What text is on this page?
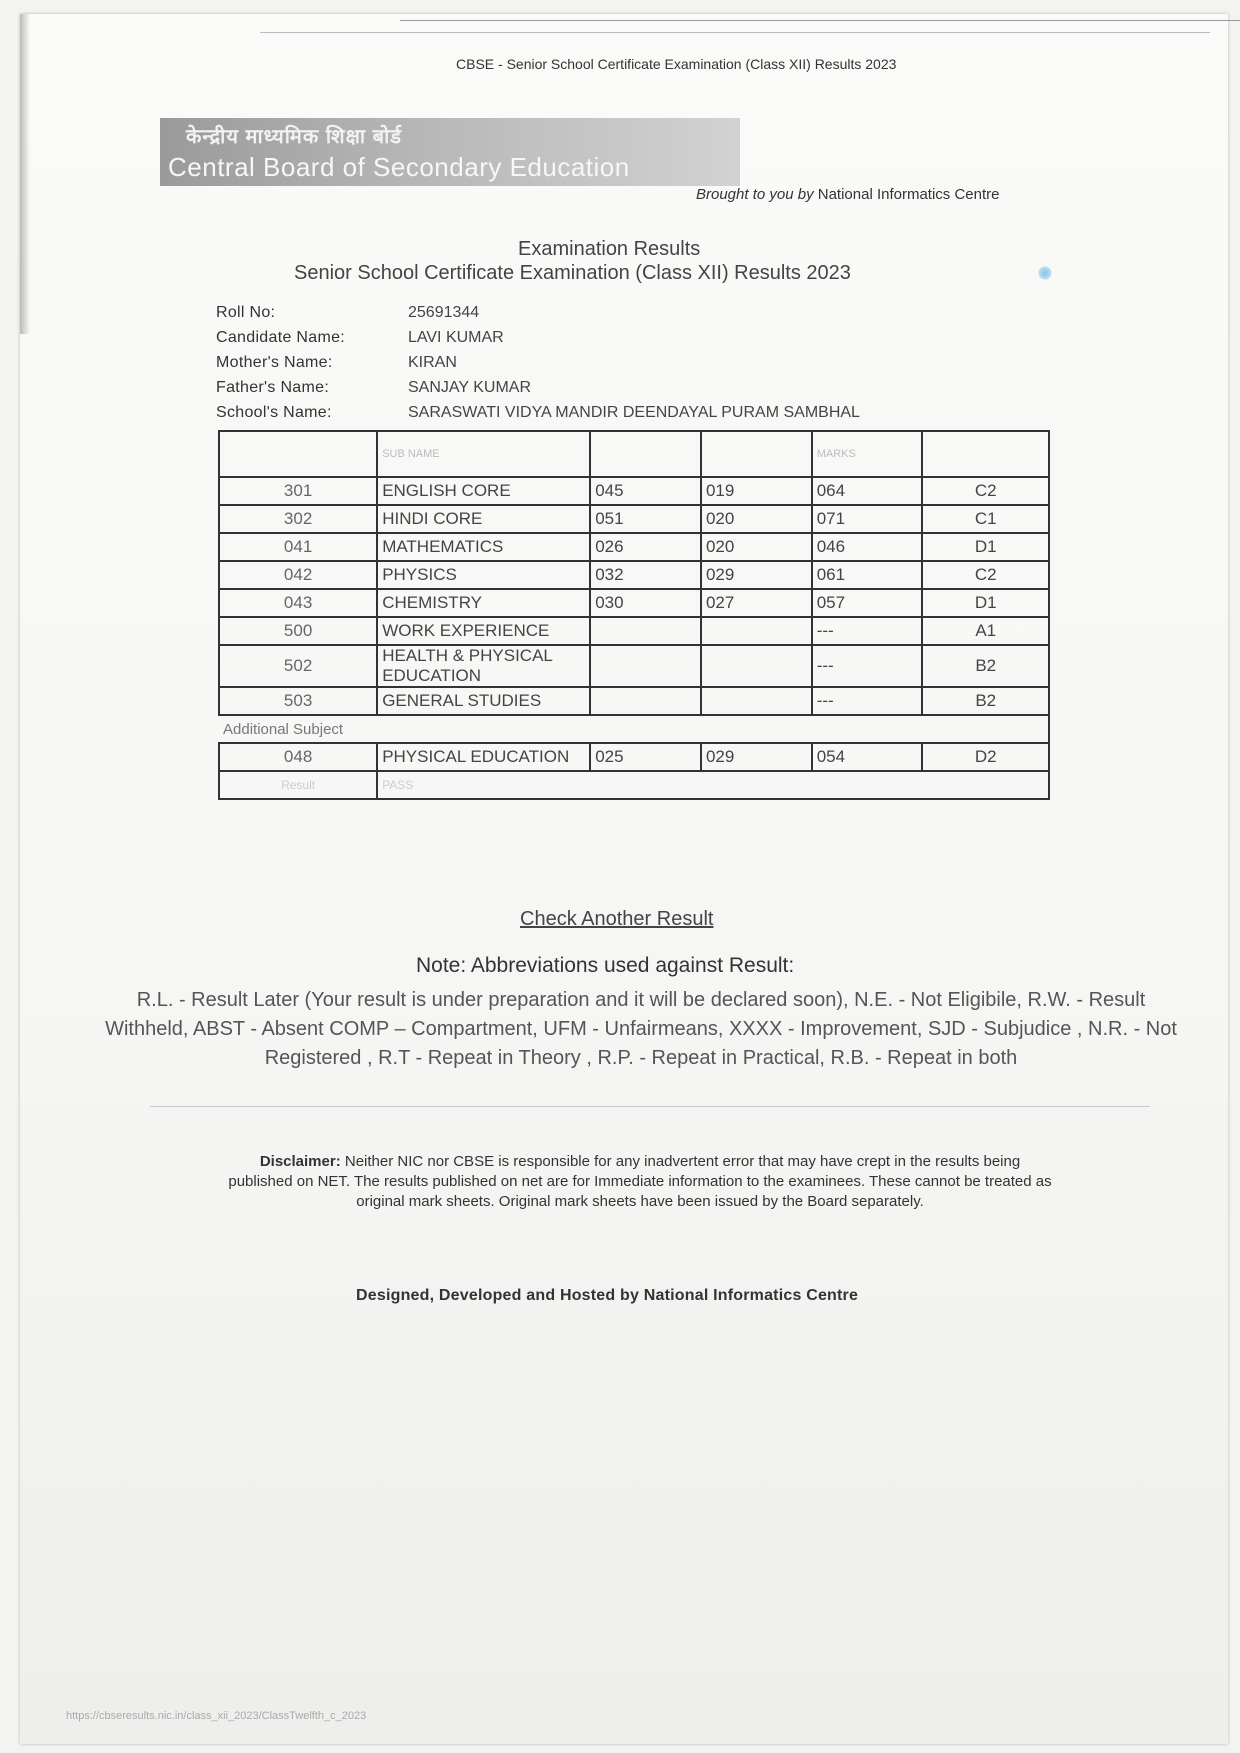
CBSE - Senior School Certificate Examination (Class XII) Results 2023
केन्द्रीय माध्यमिक शिक्षा बोर्ड
Central Board of Secondary Education
Brought to you by National Informatics Centre
Examination Results
Senior School Certificate Examination (Class XII) Results 2023
Roll No:	25691344
Candidate Name:	LAVI KUMAR
Mother's Name:	KIRAN
Father's Name:	SANJAY KUMAR
School's Name:	SARASWATI VIDYA MANDIR DEENDAYAL PURAM SAMBHAL
	SUB NAME			MARKS	
301	ENGLISH CORE	045	019	064	C2
302	HINDI CORE	051	020	071	C1
041	MATHEMATICS	026	020	046	D1
042	PHYSICS	032	029	061	C2
043	CHEMISTRY	030	027	057	D1
500	WORK EXPERIENCE			---	A1
502	HEALTH & PHYSICAL EDUCATION			---	B2
503	GENERAL STUDIES			---	B2
Additional Subject					
048	PHYSICAL EDUCATION	025	029	054	D2
Result	PASS				
Check Another Result
Note: Abbreviations used against Result:
R.L. - Result Later (Your result is under preparation and it will be declared soon), N.E. - Not Eligibile, R.W. - Result Withheld, ABST - Absent COMP – Compartment, UFM - Unfairmeans, XXXX - Improvement, SJD - Subjudice , N.R. - Not Registered , R.T - Repeat in Theory , R.P. - Repeat in Practical, R.B. - Repeat in both
Disclaimer: Neither NIC nor CBSE is responsible for any inadvertent error that may have crept in the results being published on NET. The results published on net are for Immediate information to the examinees. These cannot be treated as original mark sheets. Original mark sheets have been issued by the Board separately.
Designed, Developed and Hosted by National Informatics Centre
https://cbseresults.nic.in/class_xii_2023/ClassTwelfth_c_2023
